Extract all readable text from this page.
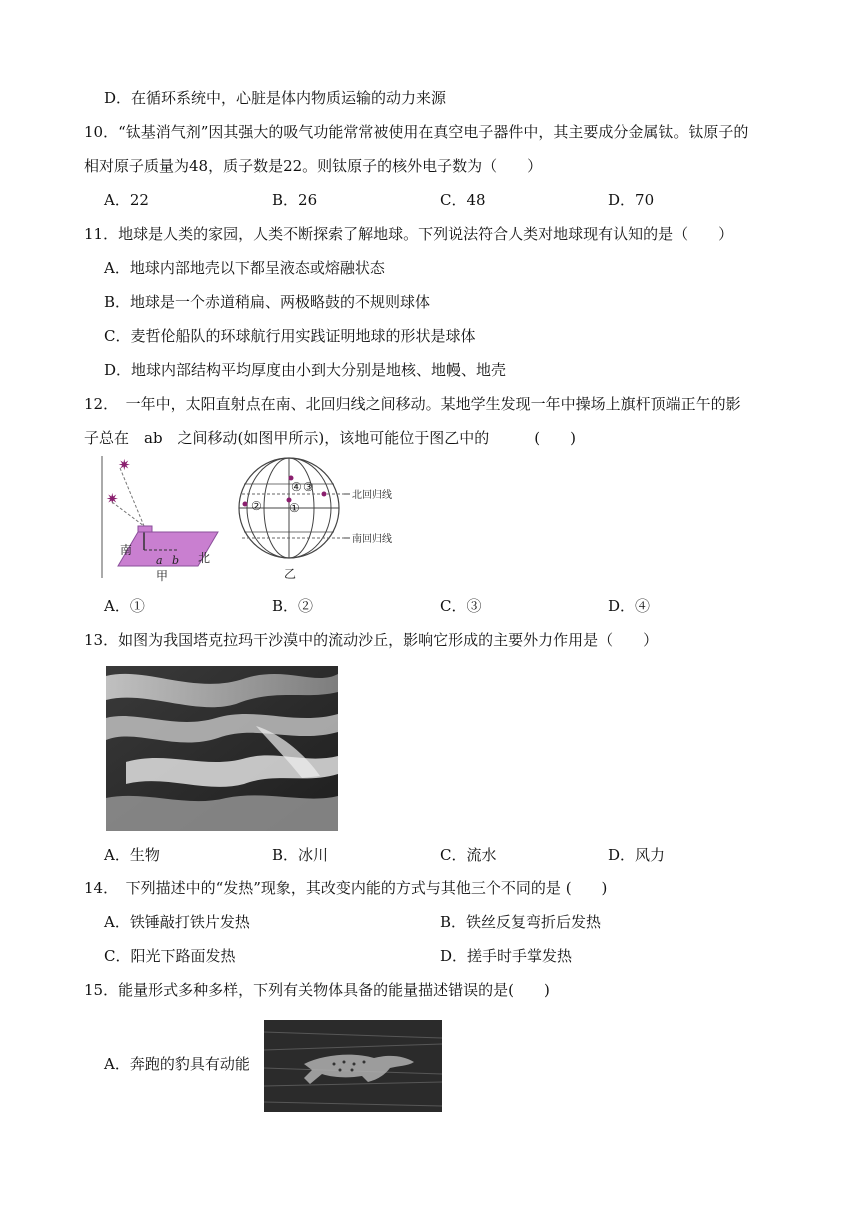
D．在循环系统中，心脏是体内物质运输的动力来源
10．“钛基消气剂”因其强大的吸气功能常常被使用在真空电子器件中，其主要成分金属钛。钛原子的
相对原子质量为48，质子数是22。则钛原子的核外电子数为（　　）
A．22	B．26	C．48	D．70
11．地球是人类的家园，人类不断探索了解地球。下列说法符合人类对地球现有认知的是（　　）
A．地球内部地壳以下都呈液态或熔融状态
B．地球是一个赤道稍扁、两极略鼓的不规则球体
C．麦哲伦船队的环球航行用实践证明地球的形状是球体
D．地球内部结构平均厚度由小到大分别是地核、地幔、地壳
12．　一年中，太阳直射点在南、北回归线之间移动。某地学生发现一年中操场上旗杆顶端正午的影
子总在　ab　之间移动(如图甲所示)，该地可能位于图乙中的　　　(　　)
✷
✷
南
北
a b
甲
④ ③
② ①
北回归线
南回归线
乙
A．①	B．②	C．③	D．④
13．如图为我国塔克拉玛干沙漠中的流动沙丘，影响它形成的主要外力作用是（　　）
A．生物	B．冰川	C．流水	D．风力
14．　下列描述中的“发热”现象，其改变内能的方式与其他三个不同的是 (　　)
A．铁锤敲打铁片发热	B．铁丝反复弯折后发热
C．阳光下路面发热	D．搓手时手掌发热
15．能量形式多种多样，下列有关物体具备的能量描述错误的是(　　)
A．奔跑的豹具有动能
